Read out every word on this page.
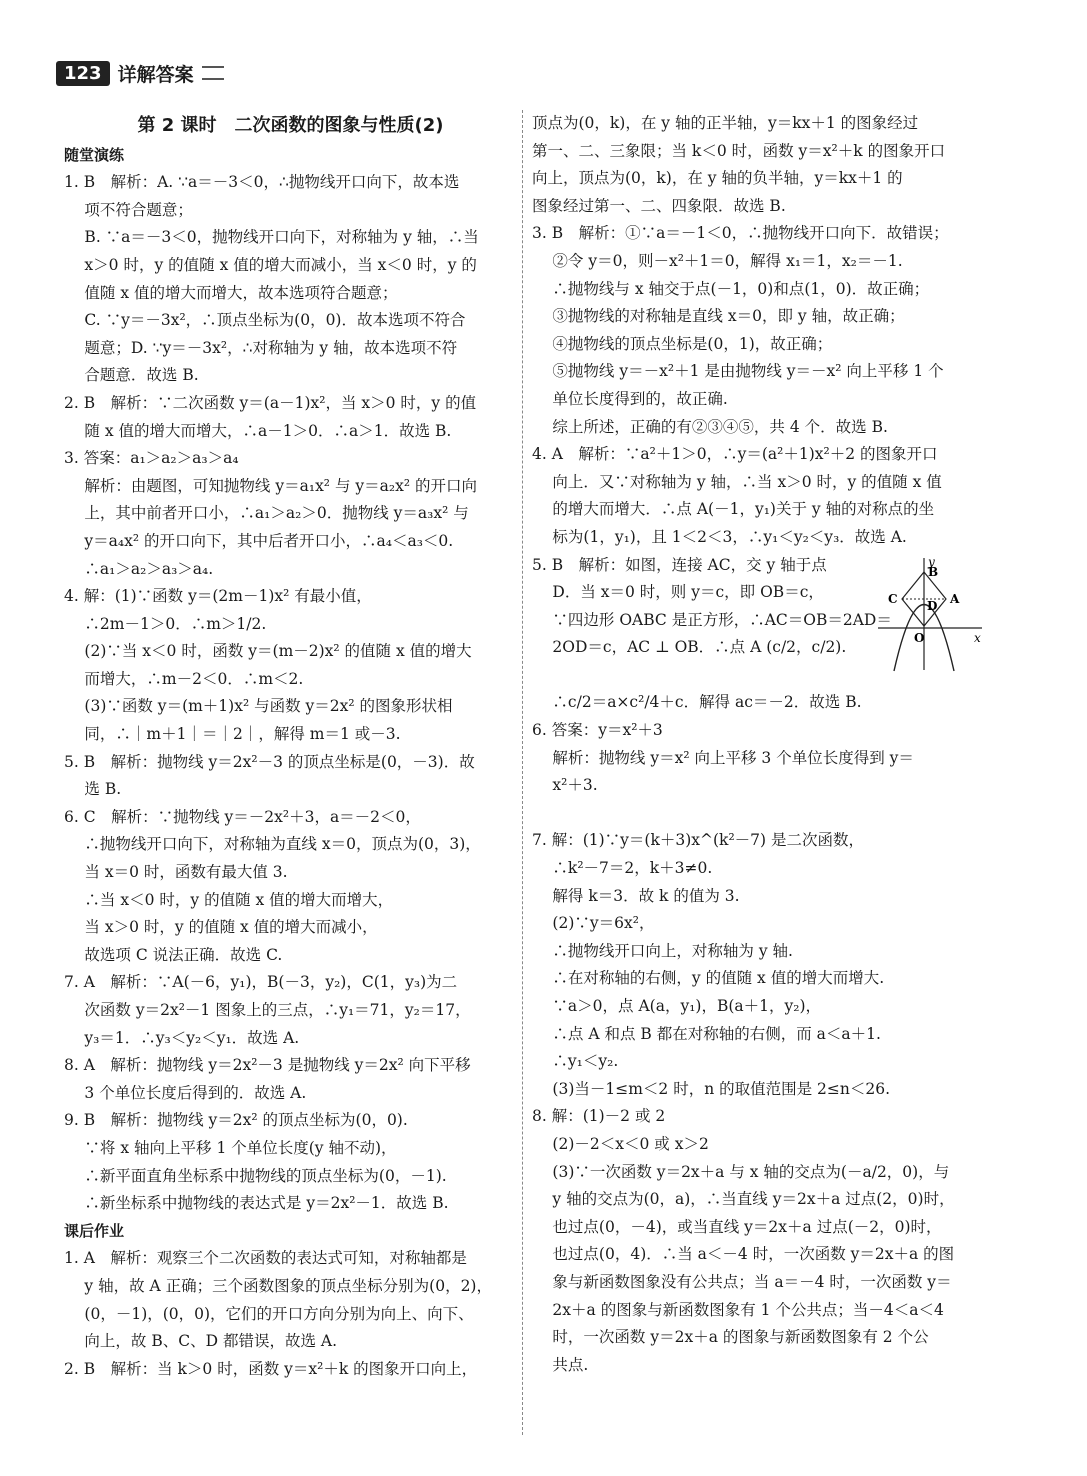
123 详解答案
第 2 课时　二次函数的图象与性质(2)
随堂演练
1. B　解析：A. ∵a＝－3＜0，∴抛物线开口向下，故本选
　 项不符合题意；
　 B. ∵a＝－3＜0，抛物线开口向下，对称轴为 y 轴，∴当
　 x＞0 时，y 的值随 x 值的增大而减小，当 x＜0 时，y 的
　 值随 x 值的增大而增大，故本选项符合题意；
　 C. ∵y＝－3x²，∴顶点坐标为(0，0)．故本选项不符合
　 题意；D. ∵y＝－3x²，∴对称轴为 y 轴，故本选项不符
　 合题意．故选 B.
2. B　解析：∵二次函数 y＝(a－1)x²，当 x＞0 时，y 的值
　 随 x 值的增大而增大，∴a－1＞0．∴a＞1．故选 B.
3. 答案：a₁＞a₂＞a₃＞a₄
　 解析：由题图，可知抛物线 y＝a₁x² 与 y＝a₂x² 的开口向
　 上，其中前者开口小，∴a₁＞a₂＞0．抛物线 y＝a₃x² 与
　 y＝a₄x² 的开口向下，其中后者开口小，∴a₄＜a₃＜0.
　 ∴a₁＞a₂＞a₃＞a₄.
4. 解：(1)∵函数 y＝(2m－1)x² 有最小值，
　 ∴2m－1＞0．∴m＞1/2.
　 (2)∵当 x＜0 时，函数 y＝(m－2)x² 的值随 x 值的增大
　 而增大，∴m－2＜0．∴m＜2.
　 (3)∵函数 y＝(m＋1)x² 与函数 y＝2x² 的图象形状相
　 同，∴｜m＋1｜＝｜2｜，解得 m＝1 或－3.
5. B　解析：抛物线 y＝2x²－3 的顶点坐标是(0，－3)．故
　 选 B.
6. C　解析：∵抛物线 y＝－2x²＋3，a＝－2＜0，
　 ∴抛物线开口向下，对称轴为直线 x＝0，顶点为(0，3)，
　 当 x＝0 时，函数有最大值 3.
　 ∴当 x＜0 时，y 的值随 x 值的增大而增大，
　 当 x＞0 时，y 的值随 x 值的增大而减小，
　 故选项 C 说法正确．故选 C.
7. A　解析：∵A(－6，y₁)，B(－3，y₂)，C(1，y₃)为二
　 次函数 y＝2x²－1 图象上的三点，∴y₁＝71，y₂＝17，
　 y₃＝1．∴y₃＜y₂＜y₁．故选 A.
8. A　解析：抛物线 y＝2x²－3 是抛物线 y＝2x² 向下平移
　 3 个单位长度后得到的．故选 A.
9. B　解析：抛物线 y＝2x² 的顶点坐标为(0，0).
　 ∵将 x 轴向上平移 1 个单位长度(y 轴不动)，
　 ∴新平面直角坐标系中抛物线的顶点坐标为(0，－1).
　 ∴新坐标系中抛物线的表达式是 y＝2x²－1．故选 B.
课后作业
1. A　解析：观察三个二次函数的表达式可知，对称轴都是
　 y 轴，故 A 正确；三个函数图象的顶点坐标分别为(0，2)，
　 (0，－1)，(0，0)，它们的开口方向分别为向上、向下、
　 向上，故 B、C、D 都错误，故选 A.
2. B　解析：当 k＞0 时，函数 y＝x²＋k 的图象开口向上，
顶点为(0，k)，在 y 轴的正半轴，y＝kx＋1 的图象经过
第一、二、三象限；当 k＜0 时，函数 y＝x²＋k 的图象开口
向上，顶点为(0，k)，在 y 轴的负半轴，y＝kx＋1 的
图象经过第一、二、四象限．故选 B.
3. B　解析：①∵a＝－1＜0，∴抛物线开口向下．故错误；
　 ②令 y＝0，则－x²＋1＝0，解得 x₁＝1，x₂＝－1.
　 ∴抛物线与 x 轴交于点(－1，0)和点(1，0)．故正确；
　 ③抛物线的对称轴是直线 x＝0，即 y 轴，故正确；
　 ④抛物线的顶点坐标是(0，1)，故正确；
　 ⑤抛物线 y＝－x²＋1 是由抛物线 y＝－x² 向上平移 1 个
　 单位长度得到的，故正确.
　 综上所述，正确的有②③④⑤，共 4 个．故选 B.
4. A　解析：∵a²＋1＞0，∴y＝(a²＋1)x²＋2 的图象开口
　 向上．又∵对称轴为 y 轴，∴当 x＞0 时，y 的值随 x 值
　 的增大而增大．∴点 A(－1，y₁)关于 y 轴的对称点的坐
　 标为(1，y₁)，且 1＜2＜3，∴y₁＜y₂＜y₃．故选 A.
5. B　解析：如图，连接 AC，交 y 轴于点
　 D．当 x＝0 时，则 y＝c，即 OB＝c，
　 ∵四边形 OABC 是正方形，∴AC＝OB＝2AD＝
　 2OD＝c，AC ⊥ OB．∴点 A (c/2，c/2).

　 ∴c/2＝a×c²/4＋c．解得 ac＝－2．故选 B.
6. 答案：y＝x²＋3
　 解析：抛物线 y＝x² 向上平移 3 个单位长度得到 y＝
　 x²＋3.

7. 解：(1)∵y＝(k＋3)x^(k²－7) 是二次函数，
　 ∴k²－7＝2，k＋3≠0.
　 解得 k＝3．故 k 的值为 3.
　 (2)∵y＝6x²，
　 ∴抛物线开口向上，对称轴为 y 轴.
　 ∴在对称轴的右侧，y 的值随 x 值的增大而增大.
　 ∵a＞0，点 A(a，y₁)，B(a＋1，y₂)，
　 ∴点 A 和点 B 都在对称轴的右侧，而 a＜a＋1.
　 ∴y₁＜y₂.
　 (3)当－1≤m＜2 时，n 的取值范围是 2≤n＜26.
8. 解：(1)－2 或 2
　 (2)－2＜x＜0 或 x＞2
　 (3)∵一次函数 y＝2x＋a 与 x 轴的交点为(－a/2，0)，与
　 y 轴的交点为(0，a)，∴当直线 y＝2x＋a 过点(2，0)时，
　 也过点(0，－4)，或当直线 y＝2x＋a 过点(－2，0)时，
　 也过点(0，4)．∴当 a＜－4 时，一次函数 y＝2x＋a 的图
　 象与新函数图象没有公共点；当 a＝－4 时，一次函数 y＝
　 2x＋a 的图象与新函数图象有 1 个公共点；当－4＜a＜4
　 时，一次函数 y＝2x＋a 的图象与新函数图象有 2 个公
　 共点.
y
B
C D A
O	x
